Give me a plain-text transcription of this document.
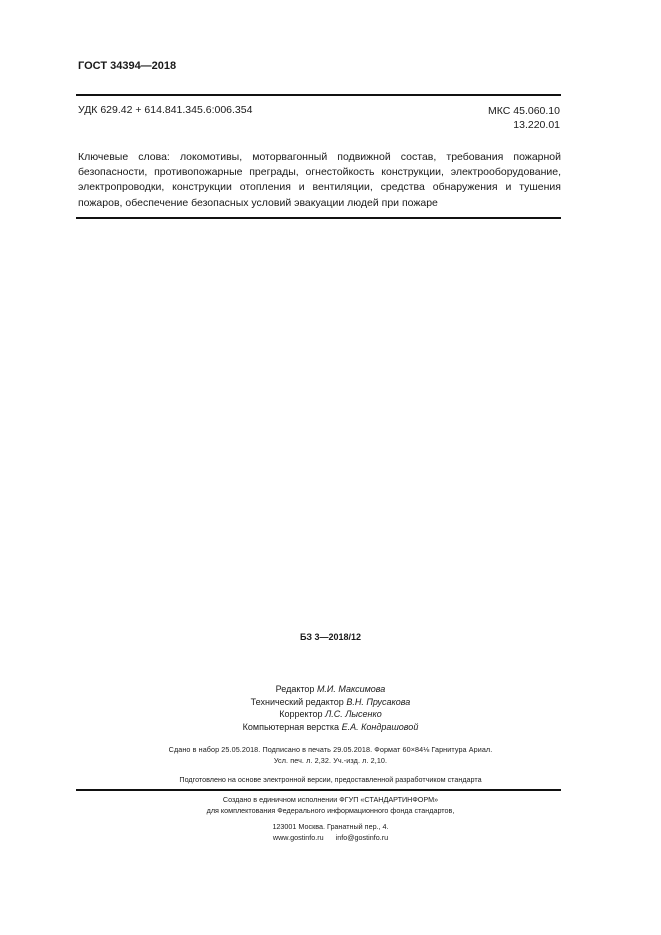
ГОСТ 34394—2018
УДК 629.42 + 614.841.345.6:006.354	МКС 45.060.10
13.220.01
Ключевые слова: локомотивы, моторвагонный подвижной состав, требования пожарной безопасности, противопожарные преграды, огнестойкость конструкции, электрооборудование, электропроводки, конструкции отопления и вентиляции, средства обнаружения и тушения пожаров, обеспечение безопасных условий эвакуации людей при пожаре
БЗ 3—2018/12
Редактор М.И. Максимова
Технический редактор В.Н. Прусакова
Корректор Л.С. Лысенко
Компьютерная верстка Е.А. Кондрашовой
Сдано в набор 25.05.2018. Подписано в печать 29.05.2018. Формат 60×84⅛ Гарнитура Ариал.
Усл. печ. л. 2,32. Уч.-изд. л. 2,10.
Подготовлено на основе электронной версии, предоставленной разработчиком стандарта
Создано в единичном исполнении ФГУП «СТАНДАРТИНФОРМ»
для комплектования Федерального информационного фонда стандартов,
123001 Москва. Гранатный пер., 4.
www.gostinfo.ru info@gostinfo.ru
